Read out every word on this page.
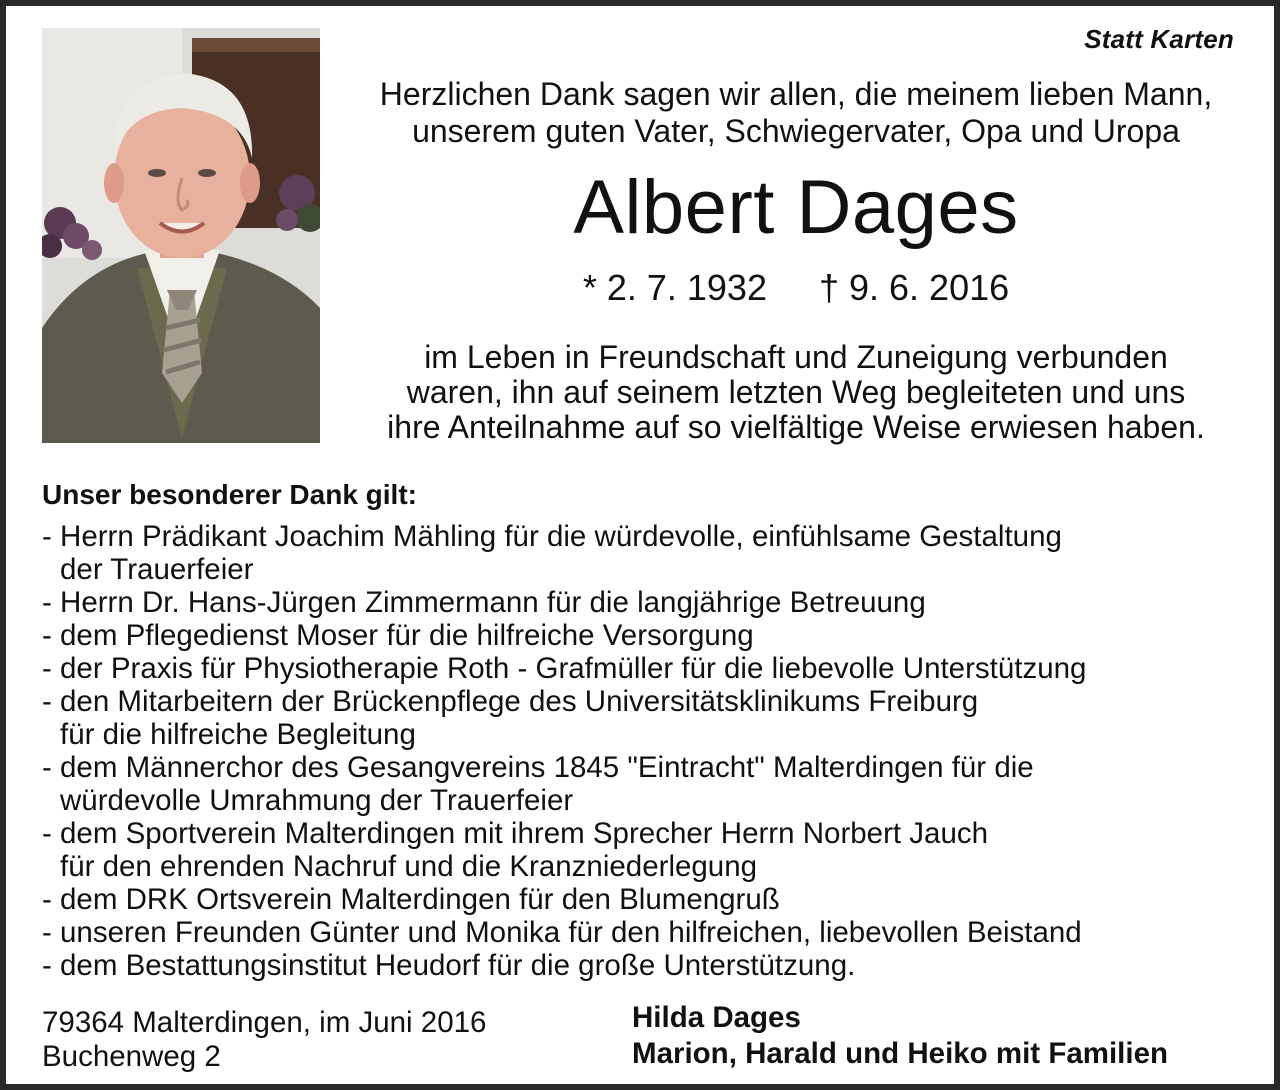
Statt Karten
Herzlichen Dank sagen wir allen, die meinem lieben Mann,
unserem guten Vater, Schwiegervater, Opa und Uropa
Albert Dages
* 2. 7. 1932 † 9. 6. 2016
im Leben in Freundschaft und Zuneigung verbunden
waren, ihn auf seinem letzten Weg begleiteten und uns
ihre Anteilnahme auf so vielfältige Weise erwiesen haben.
Unser besonderer Dank gilt:
- Herrn Prädikant Joachim Mähling für die würdevolle, einfühlsame Gestaltung
der Trauerfeier
- Herrn Dr. Hans-Jürgen Zimmermann für die langjährige Betreuung
- dem Pflegedienst Moser für die hilfreiche Versorgung
- der Praxis für Physiotherapie Roth - Grafmüller für die liebevolle Unterstützung
- den Mitarbeitern der Brückenpflege des Universitätsklinikums Freiburg
für die hilfreiche Begleitung
- dem Männerchor des Gesangvereins 1845 "Eintracht" Malterdingen für die
würdevolle Umrahmung der Trauerfeier
- dem Sportverein Malterdingen mit ihrem Sprecher Herrn Norbert Jauch
für den ehrenden Nachruf und die Kranzniederlegung
- dem DRK Ortsverein Malterdingen für den Blumengruß
- unseren Freunden Günter und Monika für den hilfreichen, liebevollen Beistand
- dem Bestattungsinstitut Heudorf für die große Unterstützung.
79364 Malterdingen, im Juni 2016
Buchenweg 2
Hilda Dages
Marion, Harald und Heiko mit Familien
